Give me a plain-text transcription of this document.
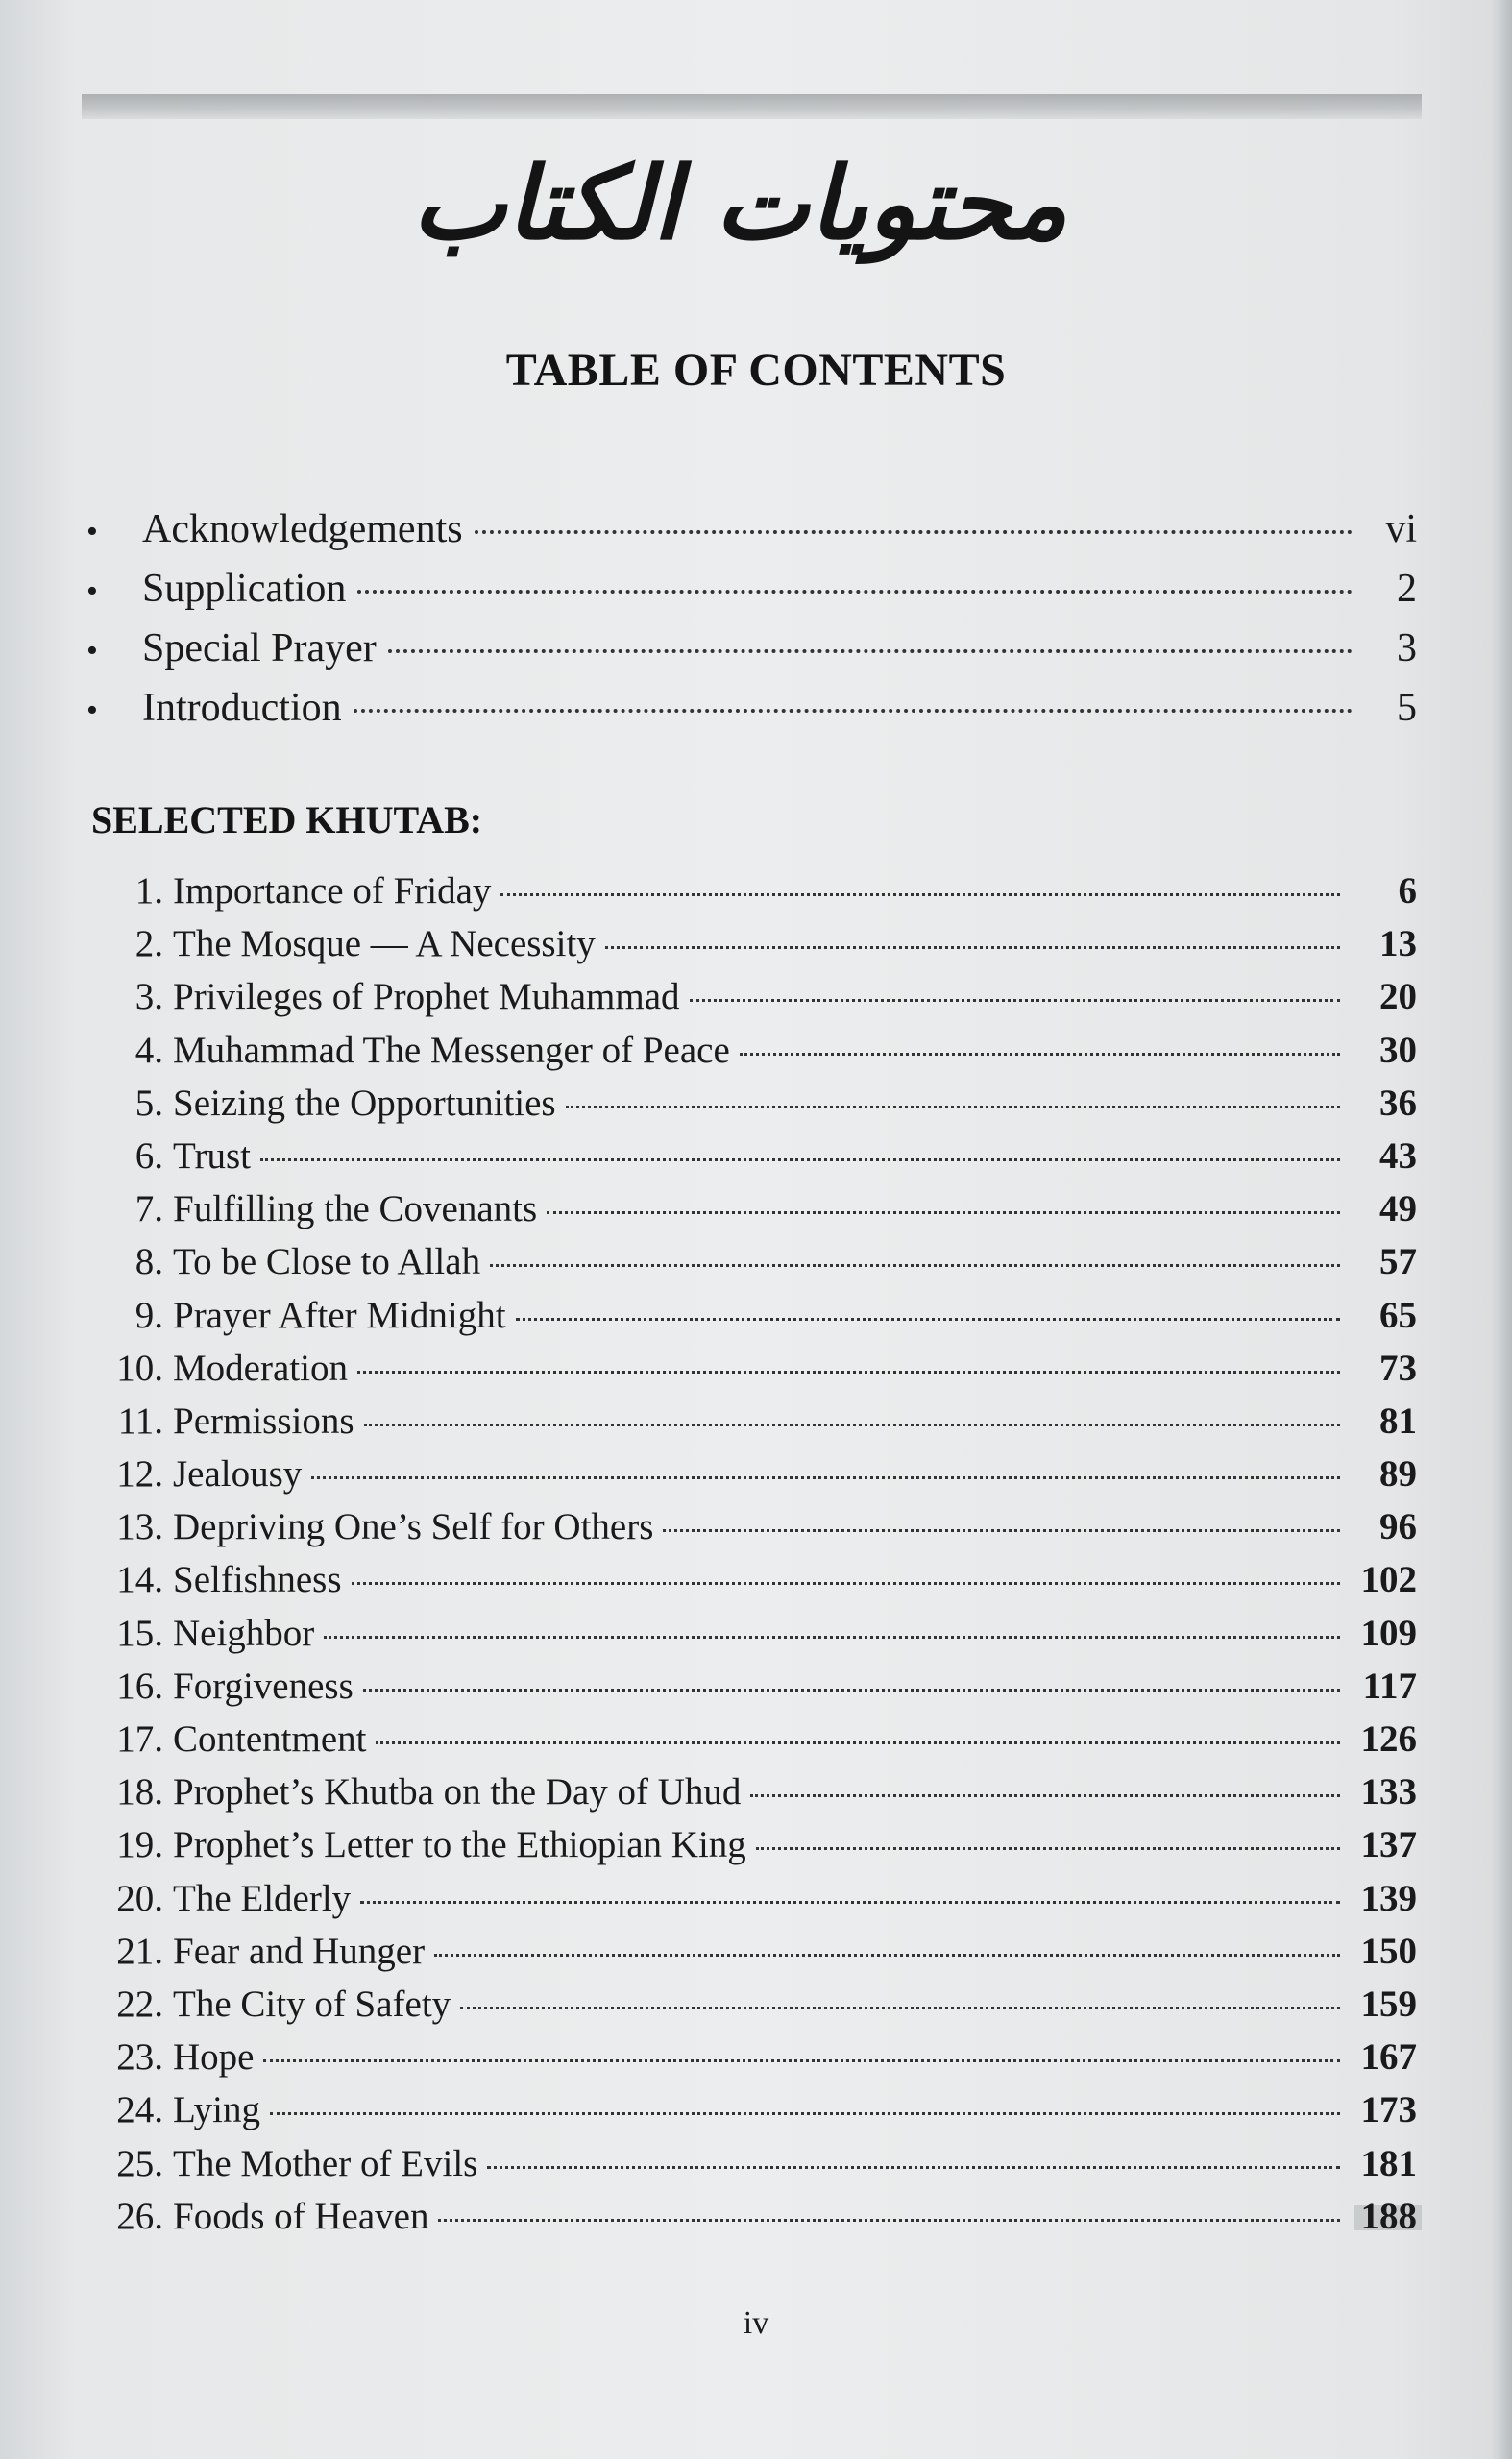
محتويات الكتاب
TABLE OF CONTENTS
•	Acknowledgements	vi
•	Supplication	2
•	Special Prayer	3
•	Introduction	5
SELECTED KHUTAB:
1. Importance of Friday	6
2. The Mosque — A Necessity	13
3. Privileges of Prophet Muhammad	20
4. Muhammad The Messenger of Peace	30
5. Seizing the Opportunities	36
6. Trust	43
7. Fulfilling the Covenants	49
8. To be Close to Allah	57
9. Prayer After Midnight	65
10. Moderation	73
11. Permissions	81
12. Jealousy	89
13. Depriving One’s Self for Others	96
14. Selfishness	102
15. Neighbor	109
16. Forgiveness	117
17. Contentment	126
18. Prophet’s Khutba on the Day of Uhud	133
19. Prophet’s Letter to the Ethiopian King	137
20. The Elderly	139
21. Fear and Hunger	150
22. The City of Safety	159
23. Hope	167
24. Lying	173
25. The Mother of Evils	181
26. Foods of Heaven	188
iv
